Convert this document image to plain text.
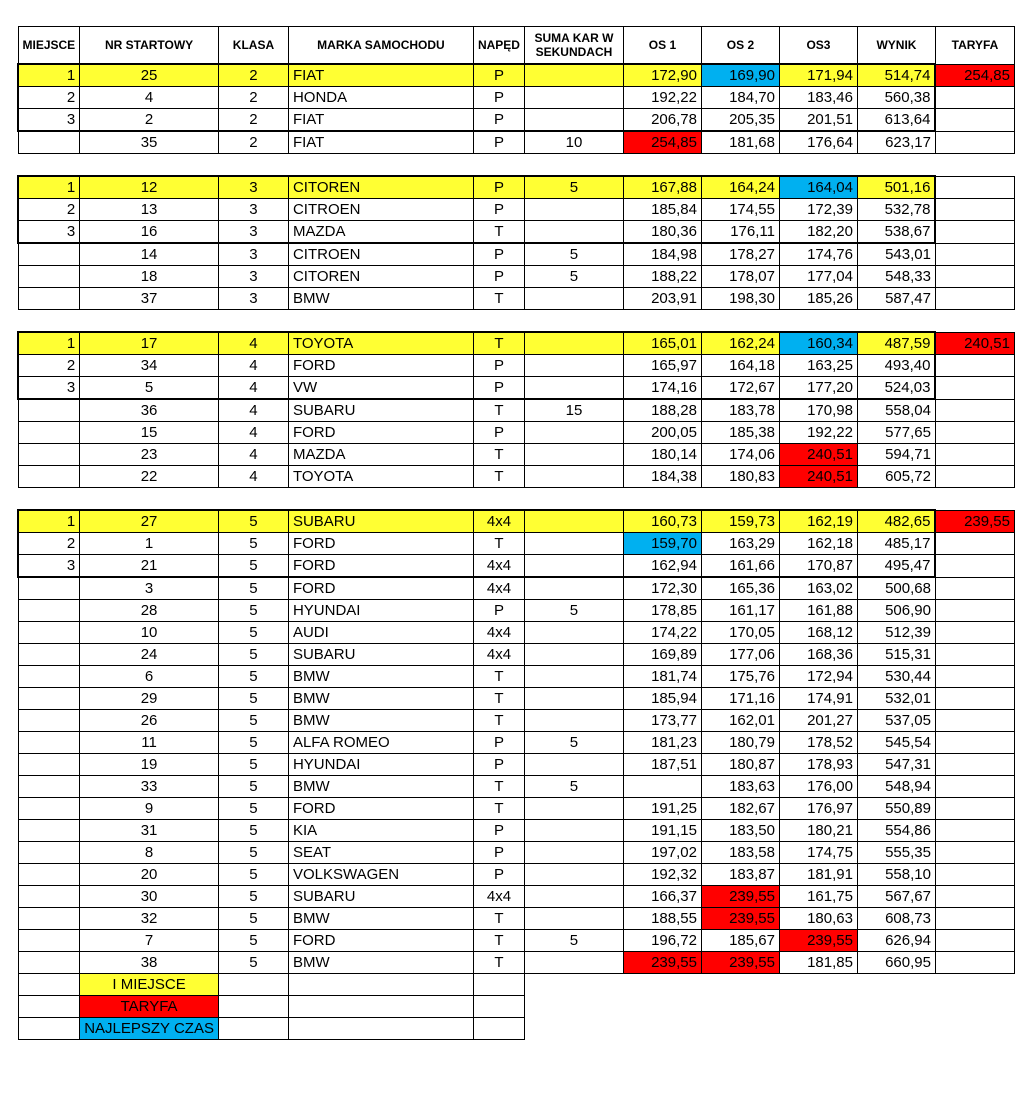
MIEJSCE	NR STARTOWY	KLASA	MARKA SAMOCHODU	NAPĘD	SUMA KAR W SEKUNDACH	OS 1	OS 2	OS3	WYNIK	TARYFA
1	25	2	FIAT	P		172,90	169,90	171,94	514,74	254,85
2	4	2	HONDA	P		192,22	184,70	183,46	560,38	
3	2	2	FIAT	P		206,78	205,35	201,51	613,64	
	35	2	FIAT	P	10	254,85	181,68	176,64	623,17	

1	12	3	CITOREN	P	5	167,88	164,24	164,04	501,16	
2	13	3	CITROEN	P		185,84	174,55	172,39	532,78	
3	16	3	MAZDA	T		180,36	176,11	182,20	538,67	
	14	3	CITROEN	P	5	184,98	178,27	174,76	543,01	
	18	3	CITOREN	P	5	188,22	178,07	177,04	548,33	
	37	3	BMW	T		203,91	198,30	185,26	587,47	

1	17	4	TOYOTA	T		165,01	162,24	160,34	487,59	240,51
2	34	4	FORD	P		165,97	164,18	163,25	493,40	
3	5	4	VW	P		174,16	172,67	177,20	524,03	
	36	4	SUBARU	T	15	188,28	183,78	170,98	558,04	
	15	4	FORD	P		200,05	185,38	192,22	577,65	
	23	4	MAZDA	T		180,14	174,06	240,51	594,71	
	22	4	TOYOTA	T		184,38	180,83	240,51	605,72	

1	27	5	SUBARU	4x4		160,73	159,73	162,19	482,65	239,55
2	1	5	FORD	T		159,70	163,29	162,18	485,17	
3	21	5	FORD	4x4		162,94	161,66	170,87	495,47	
	3	5	FORD	4x4		172,30	165,36	163,02	500,68	
	28	5	HYUNDAI	P	5	178,85	161,17	161,88	506,90	
	10	5	AUDI	4x4		174,22	170,05	168,12	512,39	
	24	5	SUBARU	4x4		169,89	177,06	168,36	515,31	
	6	5	BMW	T		181,74	175,76	172,94	530,44	
	29	5	BMW	T		185,94	171,16	174,91	532,01	
	26	5	BMW	T		173,77	162,01	201,27	537,05	
	11	5	ALFA ROMEO	P	5	181,23	180,79	178,52	545,54	
	19	5	HYUNDAI	P		187,51	180,87	178,93	547,31	
	33	5	BMW	T	5		183,63	176,00	548,94	
	9	5	FORD	T		191,25	182,67	176,97	550,89	
	31	5	KIA	P		191,15	183,50	180,21	554,86	
	8	5	SEAT	P		197,02	183,58	174,75	555,35	
	20	5	VOLKSWAGEN	P		192,32	183,87	181,91	558,10	
	30	5	SUBARU	4x4		166,37	239,55	161,75	567,67	
	32	5	BMW	T		188,55	239,55	180,63	608,73	
	7	5	FORD	T	5	196,72	185,67	239,55	626,94	
	38	5	BMW	T		239,55	239,55	181,85	660,95	
	I MIEJSCE									
	TARYFA									
	NAJLEPSZY CZAS									
